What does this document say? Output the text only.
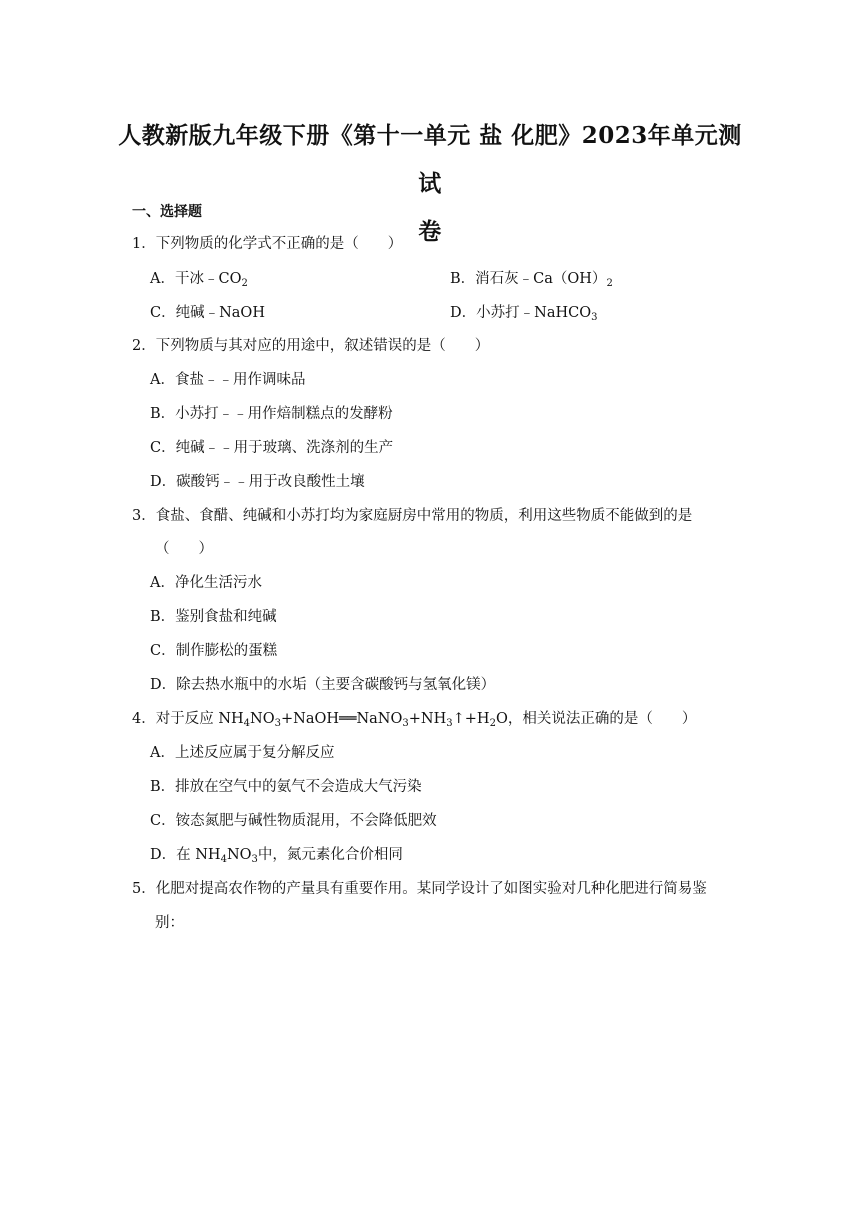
人教新版九年级下册《第十一单元 盐 化肥》2023年单元测试
卷
一、选择题
1．下列物质的化学式不正确的是（　　）
A．干冰$﹣CO_2$	B．消石灰$﹣Ca(OH)_2$
C．纯碱﹣NaOH	D．小苏打﹣NaHCO$_3$
2．下列物质与其对应的用途中，叙述错误的是（　　）
A．食盐﹣﹣用作调味品
B．小苏打﹣﹣用作焙制糕点的发酵粉
C．纯碱﹣﹣用于玻璃、洗涤剂的生产
D．碳酸钙﹣﹣用于改良酸性土壤
3．食盐、食醋、纯碱和小苏打均为家庭厨房中常用的物质，利用这些物质不能做到的是
（　　）
A．净化生活污水
B．鉴别食盐和纯碱
C．制作膨松的蛋糕
D．除去热水瓶中的水垢（主要含碳酸钙与氢氧化镁）
4．对于反应 $NH_4NO_3+NaOH══NaNO_3+NH_3↑+H_2O$，相关说法正确的是（　　）
A．上述反应属于复分解反应
B．排放在空气中的氨气不会造成大气污染
C．铵态氮肥与碱性物质混用，不会降低肥效
D．在 $NH_4NO_3$中，氮元素化合价相同
5．化肥对提高农作物的产量具有重要作用。某同学设计了如图实验对几种化肥进行简易鉴
别：
